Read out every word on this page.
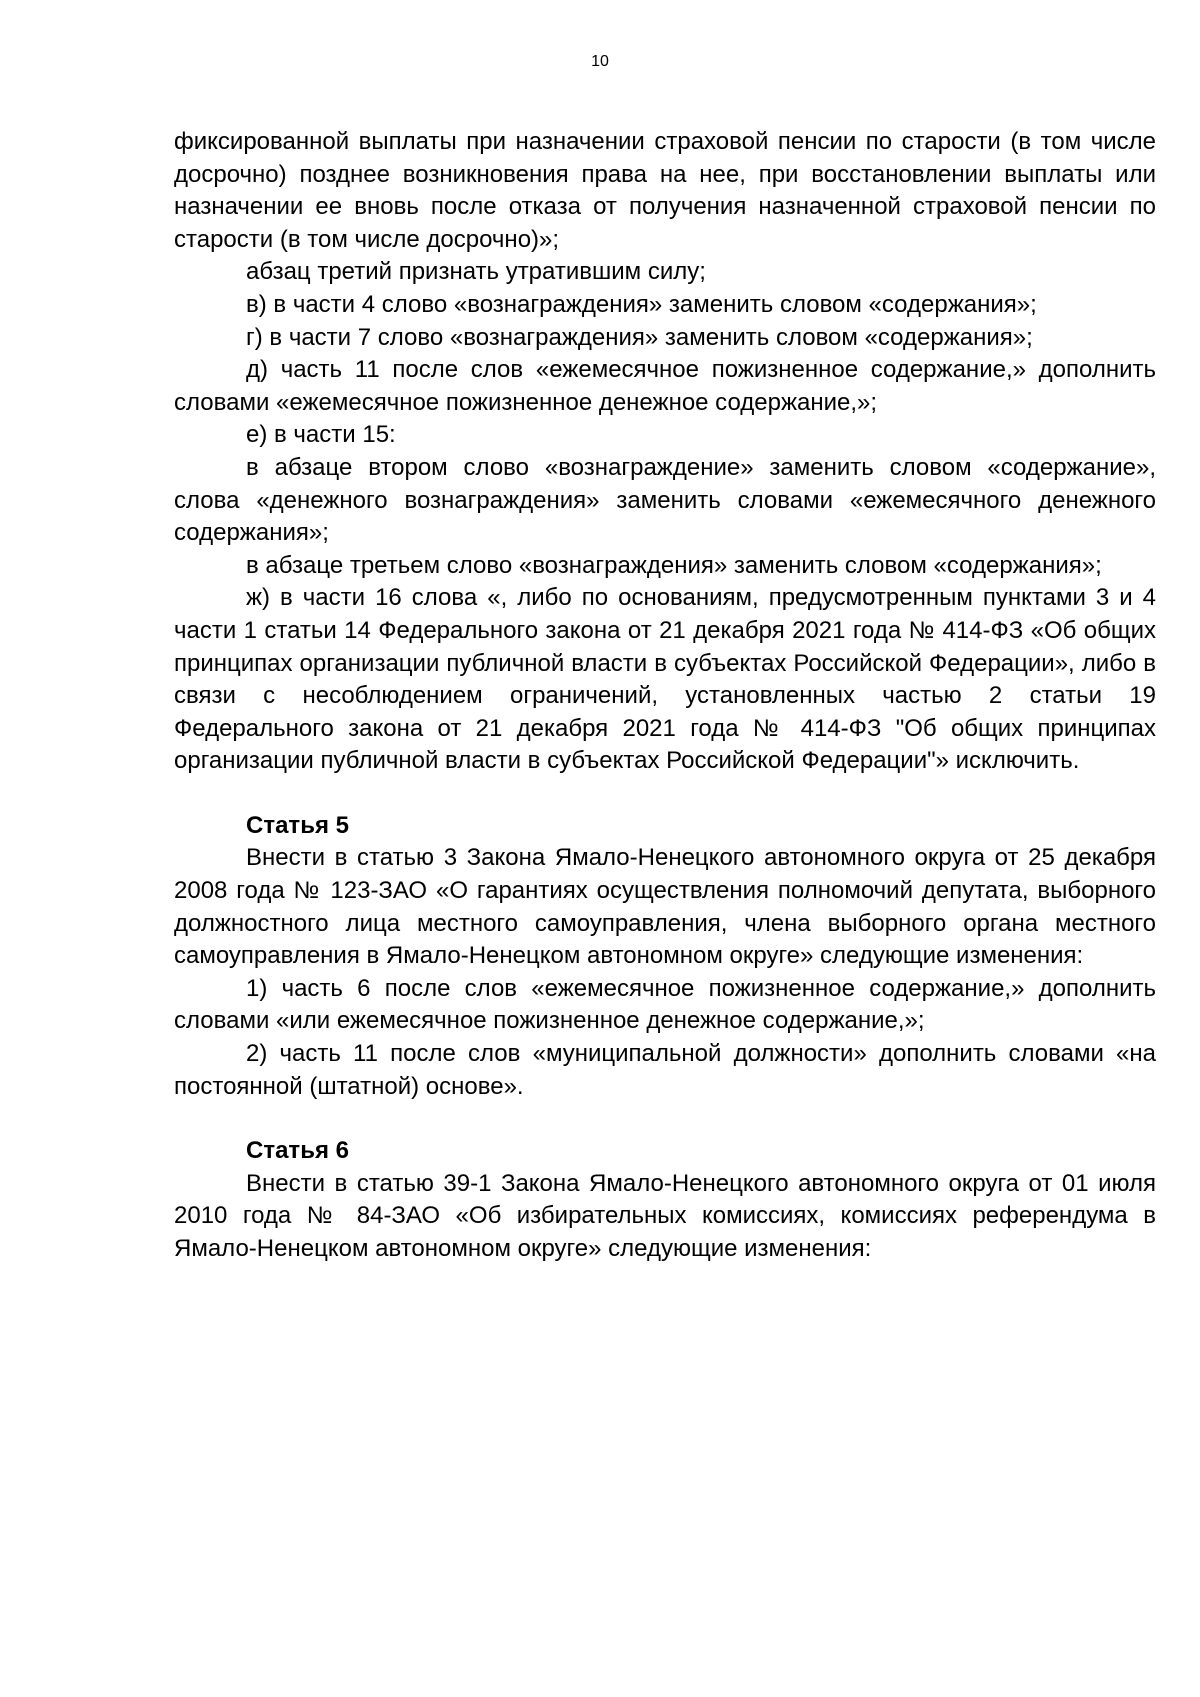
10

фиксированной выплаты при назначении страховой пенсии по старости (в том числе досрочно) позднее возникновения права на нее, при восстановлении выплаты или назначении ее вновь после отказа от получения назначенной страховой пенсии по старости (в том числе досрочно)»;

абзац третий признать утратившим силу;

в) в части 4 слово «вознаграждения» заменить словом «содержания»;

г) в части 7 слово «вознаграждения» заменить словом «содержания»;

д) часть 11 после слов «ежемесячное пожизненное содержание,» дополнить словами «ежемесячное пожизненное денежное содержание,»;

е) в части 15:

в абзаце втором слово «вознаграждение» заменить словом «содержание», слова «денежного вознаграждения» заменить словами «ежемесячного денежного содержания»;

в абзаце третьем слово «вознаграждения» заменить словом «содержания»;

ж) в части 16 слова «, либо по основаниям, предусмотренным пунктами 3 и 4 части 1 статьи 14 Федерального закона от 21 декабря 2021 года № 414-ФЗ «Об общих принципах организации публичной власти в субъектах Российской Федерации», либо в связи с несоблюдением ограничений, установленных частью 2 статьи 19 Федерального закона от 21 декабря 2021 года № 414-ФЗ "Об общих принципах организации публичной власти в субъектах Российской Федерации"» исключить.

Статья 5

Внести в статью 3 Закона Ямало-Ненецкого автономного округа от 25 декабря 2008 года № 123-ЗАО «О гарантиях осуществления полномочий депутата, выборного должностного лица местного самоуправления, члена выборного органа местного самоуправления в Ямало-Ненецком автономном округе» следующие изменения:

1) часть 6 после слов «ежемесячное пожизненное содержание,» дополнить словами «или ежемесячное пожизненное денежное содержание,»;

2) часть 11 после слов «муниципальной должности» дополнить словами «на постоянной (штатной) основе».

Статья 6

Внести в статью 39-1 Закона Ямало-Ненецкого автономного округа от 01 июля 2010 года № 84-ЗАО «Об избирательных комиссиях, комиссиях референдума в Ямало-Ненецком автономном округе» следующие изменения:
